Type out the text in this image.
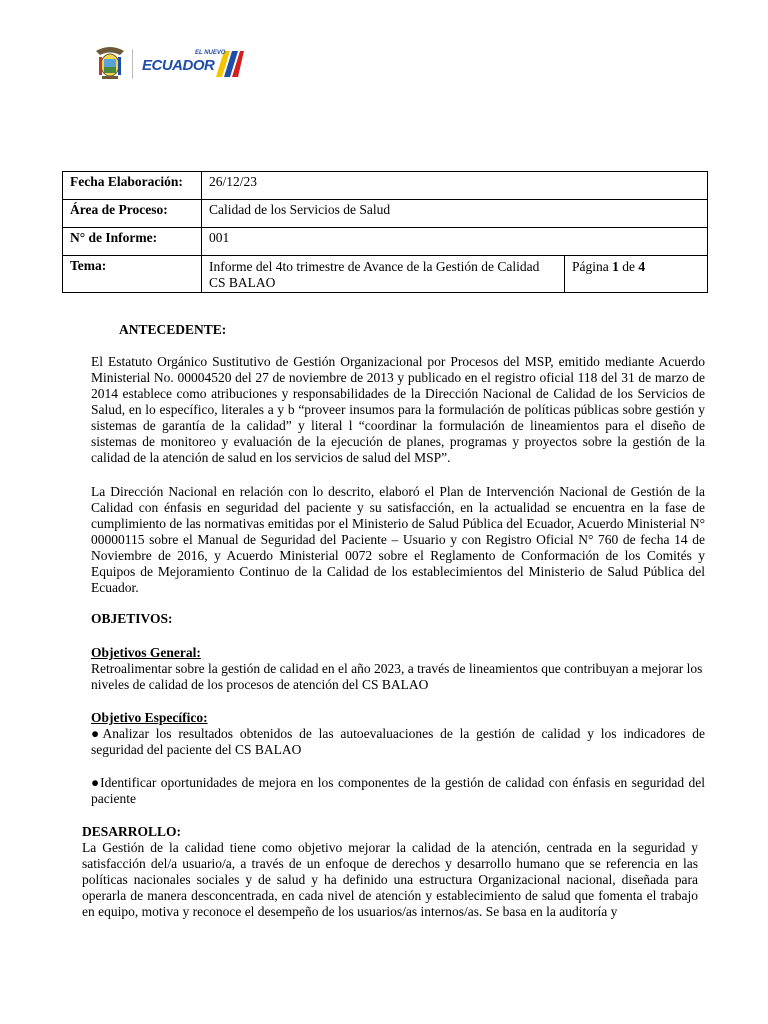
EL NUEVO
ECUADOR
Fecha Elaboración:	26/12/23	
Área de Proceso:	Calidad de los Servicios de Salud	
N° de Informe:	001	
Tema:	Informe del 4to trimestre de Avance de la Gestión de Calidad CS BALAO	Página 1 de 4
ANTECEDENTE:
El Estatuto Orgánico Sustitutivo de Gestión Organizacional por Procesos del MSP, emitido mediante Acuerdo Ministerial No. 00004520 del 27 de noviembre de 2013 y publicado en el registro oficial 118 del 31 de marzo de 2014 establece como atribuciones y responsabilidades de la Dirección Nacional de Calidad de los Servicios de Salud, en lo específico, literales a y b “proveer insumos para la formulación de políticas públicas sobre gestión y sistemas de garantía de la calidad” y literal l “coordinar la formulación de lineamientos para el diseño de sistemas de monitoreo y evaluación de la ejecución de planes, programas y proyectos sobre la gestión de la calidad de la atención de salud en los servicios de salud del MSP”.
La Dirección Nacional en relación con lo descrito, elaboró el Plan de Intervención Nacional de Gestión de la Calidad con énfasis en seguridad del paciente y su satisfacción, en la actualidad se encuentra en la fase de cumplimiento de las normativas emitidas por el Ministerio de Salud Pública del Ecuador, Acuerdo Ministerial N° 00000115 sobre el Manual de Seguridad del Paciente – Usuario y con Registro Oficial N° 760 de fecha 14 de Noviembre de 2016, y Acuerdo Ministerial 0072 sobre el Reglamento de Conformación de los Comités y Equipos de Mejoramiento Continuo de la Calidad de los establecimientos del Ministerio de Salud Pública del Ecuador.
OBJETIVOS:
Objetivos General:
Retroalimentar sobre la gestión de calidad en el año 2023, a través de lineamientos que contribuyan a mejorar los niveles de calidad de los procesos de atención del CS BALAO
Objetivo Específico:
●Analizar los resultados obtenidos de las autoevaluaciones de la gestión de calidad y los indicadores de seguridad del paciente del CS BALAO
●Identificar oportunidades de mejora en los componentes de la gestión de calidad con énfasis en seguridad del paciente
DESARROLLO:
La Gestión de la calidad tiene como objetivo mejorar la calidad de la atención, centrada en la seguridad y satisfacción del/a usuario/a, a través de un enfoque de derechos y desarrollo humano que se referencia en las políticas nacionales sociales y de salud y ha definido una estructura Organizacional nacional, diseñada para operarla de manera desconcentrada, en cada nivel de atención y establecimiento de salud que fomenta el trabajo en equipo, motiva y reconoce el desempeño de los usuarios/as internos/as. Se basa en la auditoría y
